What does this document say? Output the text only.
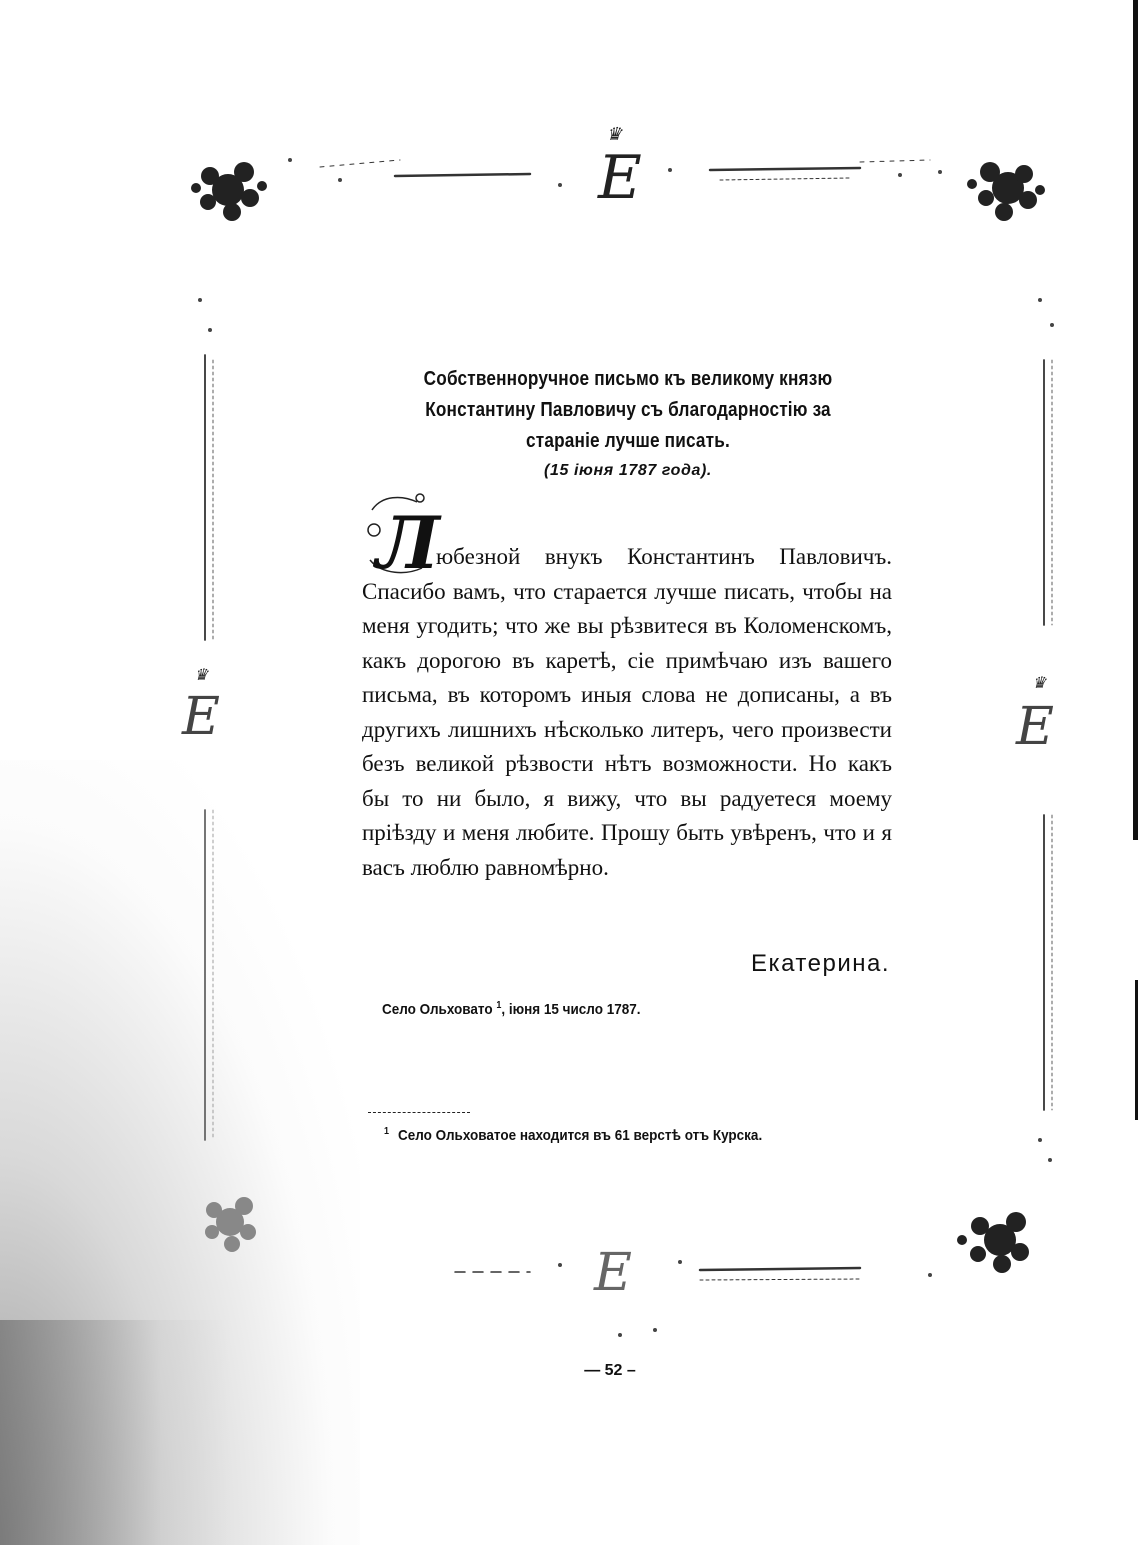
Е
♛
Е
♛
Е
♛
Е
Собственноручное письмо къ великому князю Константину Павловичу съ благодарностію за стараніе лучше писать.
(15 іюня 1787 года).
Л
юбезной внукъ Константинъ Павловичъ. Спасибо вамъ, что старается лучше писать, чтобы на меня угодить; что же вы рѣзвитеся въ Коломенскомъ, какъ дорогою въ каретѣ, сіе примѣчаю изъ вашего письма, въ которомъ иныя слова не дописаны, а въ другихъ лишнихъ нѣсколько литеръ, чего произвести безъ великой рѣзвости нѣтъ возможности. Но какъ бы то ни было, я вижу, что вы радуетеся моему пріѣзду и меня любите. Прошу быть увѣренъ, что и я васъ люблю равномѣрно.
Екатерина.
Село Ольховато $^1$, іюня 15 число 1787.
$^1$ Село Ольховатое находится въ 61 верстѣ отъ Курска.
— 52 –
